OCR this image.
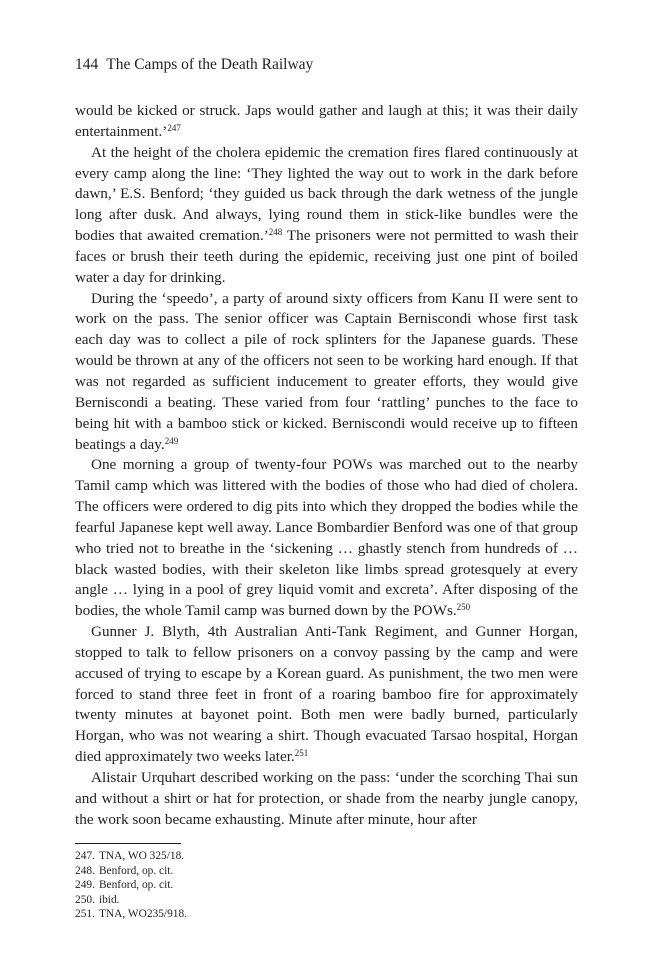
144 The Camps of the Death Railway

would be kicked or struck. Japs would gather and laugh at this; it was their daily entertainment.’$^{247}$

At the height of the cholera epidemic the cremation fires flared continuously at every camp along the line: ‘They lighted the way out to work in the dark before dawn,’ E.S. Benford; ‘they guided us back through the dark wetness of the jungle long after dusk. And always, lying round them in stick-like bundles were the bodies that awaited cremation.’$^{248}$ The prisoners were not permitted to wash their faces or brush their teeth during the epidemic, receiving just one pint of boiled water a day for drinking.

During the ‘speedo’, a party of around sixty officers from Kanu II were sent to work on the pass. The senior officer was Captain Berniscondi whose first task each day was to collect a pile of rock splinters for the Japanese guards. These would be thrown at any of the officers not seen to be working hard enough. If that was not regarded as sufficient inducement to greater efforts, they would give Berniscondi a beating. These varied from four ‘rattling’ punches to the face to being hit with a bamboo stick or kicked. Berniscondi would receive up to fifteen beatings a day.$^{249}$

One morning a group of twenty-four POWs was marched out to the nearby Tamil camp which was littered with the bodies of those who had died of cholera. The officers were ordered to dig pits into which they dropped the bodies while the fearful Japanese kept well away. Lance Bombardier Benford was one of that group who tried not to breathe in the ‘sickening … ghastly stench from hundreds of … black wasted bodies, with their skeleton like limbs spread grotesquely at every angle … lying in a pool of grey liquid vomit and excreta’. After disposing of the bodies, the whole Tamil camp was burned down by the POWs.$^{250}$

Gunner J. Blyth, 4th Australian Anti-Tank Regiment, and Gunner Horgan, stopped to talk to fellow prisoners on a convoy passing by the camp and were accused of trying to escape by a Korean guard. As punishment, the two men were forced to stand three feet in front of a roaring bamboo fire for approximately twenty minutes at bayonet point. Both men were badly burned, particularly Horgan, who was not wearing a shirt. Though evacuated Tarsao hospital, Horgan died approximately two weeks later.$^{251}$

Alistair Urquhart described working on the pass: ‘under the scorching Thai sun and without a shirt or hat for protection, or shade from the nearby jungle canopy, the work soon became exhausting. Minute after minute, hour after

247. TNA, WO 325/18.
248. Benford, op. cit.
249. Benford, op. cit.
250. ibid.
251. TNA, WO235/918.
